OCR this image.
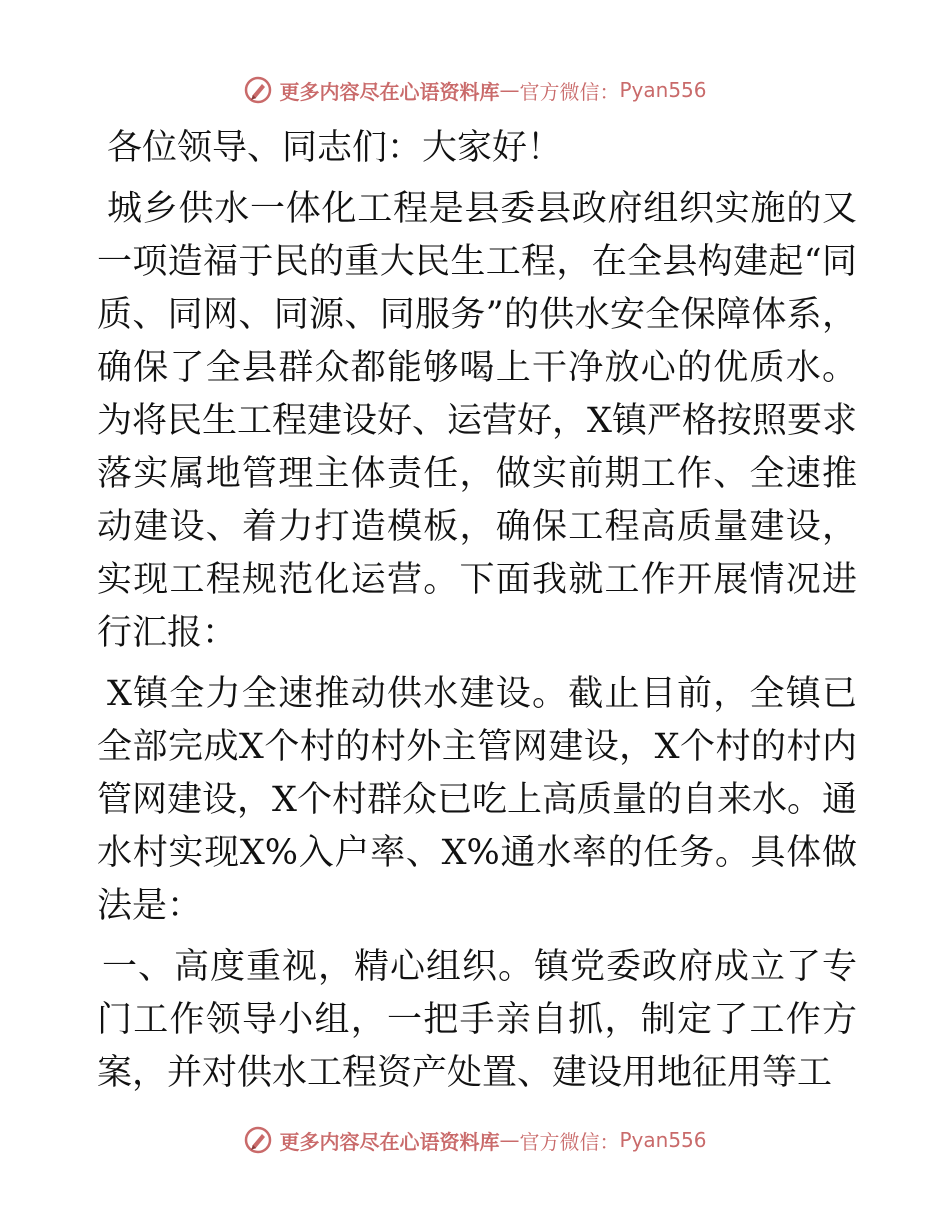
更多内容尽在心语资料库 — 官方微信： Pyan556

各位领导、同志们：大家好！

城乡供水一体化工程是县委县政府组织实施的又一项造福于民的重大民生工程，在全县构建起“同质、同网、同源、同服务”的供水安全保障体系，确保了全县群众都能够喝上干净放心的优质水。为将民生工程建设好、运营好，X镇严格按照要求落实属地管理主体责任，做实前期工作、全速推动建设、着力打造模板，确保工程高质量建设，实现工程规范化运营。下面我就工作开展情况进行汇报：

X镇全力全速推动供水建设。截止目前，全镇已全部完成X个村的村外主管网建设，X个村的村内管网建设，X个村群众已吃上高质量的自来水。通水村实现X%入户率、X%通水率的任务。具体做法是：

一、高度重视，精心组织。镇党委政府成立了专门工作领导小组，一把手亲自抓，制定了工作方案，并对供水工程资产处置、建设用地征用等工

更多内容尽在心语资料库 — 官方微信： Pyan556
